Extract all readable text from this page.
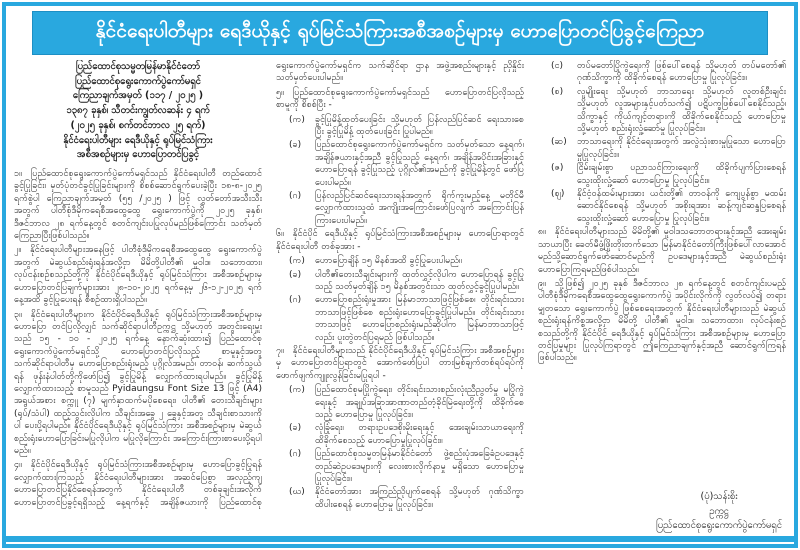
နိုင်ငံရေးပါတီများ ရေဒီယိုနှင့် ရုပ်မြင်သံကြားအစီအစဉ်များမှ ဟောပြောတင်ပြခွင့်ကြေညာ
ပြည်ထောင်စုသမ္မတမြန်မာနိုင်ငံတော်
ပြည်ထောင်စုရွေးကောက်ပွဲကော်မရှင်
ကြေညာချက်အမှတ် (၁၁၇ / ၂၀၂၅ )
၁၃၈၇ ခုနှစ်၊ သီတင်းကျွတ်လဆန်း ၄ ရက်
(၂၀၂၅ ခုနှစ်၊ စက်တင်ဘာလ ၂၅ ရက်)
နိုင်ငံရေးပါတီများ ရေဒီယိုနှင့် ရုပ်မြင်သံကြား
အစီအစဉ်များမှ ဟောပြောတင်ပြခွင့်
၁။ ပြည်ထောင်စုရွေးကောက်ပွဲကော်မရှင်သည် နိုင်ငံရေးပါတီ တည်ထောင်ခွင့်ပြုခြင်း၊ မှတ်ပုံတင်ခွင့်ပြုခြင်းများကို စိစစ်ဆောင်ရွက်ပေးခဲ့ပြီး ၁၈-၈-၂၀၂၅ ရက်စွဲပါ ကြေညာချက်အမှတ် (၅၅ /၂၀၂၅ ) ဖြင့် လွှတ်တော်အသီးသီးအတွက် ပါတီစုံဒီမိုကရေစီအထွေထွေ ရွေးကောက်ပွဲကို ၂၀၂၅ ခုနှစ်၊ ဒီဇင်ဘာလ ၂၈ ရက်နေ့တွင် စတင်ကျင်းပပြုလုပ်မည်ဖြစ်ကြောင်း သတ်မှတ်ကြေညာပြီးဖြစ်ပါသည်။
၂။ နိုင်ငံရေးပါတီများအနေဖြင့် ပါတီစုံဒီမိုကရေစီအထွေထွေ ရွေးကောက်ပွဲအတွက် မဲဆွယ်စည်းရုံးရန်အလို့ငှာ မိမိတို့ပါတီ၏ မူဝါဒ၊ သဘောထား၊ လုပ်ငန်းစဉ်စသည်တို့ကို နိုင်ငံပိုင်ရေဒီယိုနှင့် ရုပ်မြင်သံကြား အစီအစဉ်များမှ ဟောပြောတင်ပြချက်များအား ၂၈-၁၀-၂၀၂၅ ရက်နေ့မှ ၂၆-၁၂-၂၀၂၅ ရက်နေ့အထိ ခွင့်ပြုပေးရန် စီစဉ်ထားရှိပါသည်။
၃။ နိုင်ငံရေးပါတီများက နိုင်ငံပိုင်ရေဒီယိုနှင့် ရုပ်မြင်သံကြားအစီအစဉ်များမှ ဟောပြော တင်ပြလိုလျှင် သက်ဆိုင်ရာပါတီဥက္ကဋ္ဌ သို့မဟုတ် အတွင်းရေးမှူးသည် ၁၅ - ၁၀ - ၂၀၂၅ ရက်နေ့ နောက်ဆုံးထား၍ ပြည်ထောင်စုရွေးကောက်ပွဲကော်မရှင်သို့ ဟောပြောတင်ပြလိုသည့် စာမူနှင့်အတူ သက်ဆိုင်ရာပါတီမှ ဟောပြောစည်းရုံးမည့် ပုဂ္ဂိုလ်အမည်၊ တာဝန်၊ ဆက်သွယ်ရန် ဖုန်းနံပါတ်တို့ကိုဖော်ပြ၍ ခွင့်ပြုမိန့် လျှောက်ထားရပါမည်။ ခွင့်ပြုမိန့် လျှောက်ထားသည့် စာမူသည် Pyidaungsu Font Size 13 ဖြင့် (A4) အရွယ်အစား စက္ကူ (၇) မျက်နှာထက်မပိုစေရေး၊ ပါတီ၏ တေးသီချင်းများ (ရုပ်/သံပါ) ထည့်သွင်းလိုပါက သီချင်းအခွေ ၂ ခွေနှင့်အတူ သီချင်းစာသားကိုပါ ပေးပို့ရပါမည်။ နိုင်ငံပိုင်ရေဒီယိုနှင့် ရုပ်မြင်သံကြား အစီအစဉ်များမှ မဲဆွယ်စည်းရုံးဟောပြောခြင်းမပြုလိုပါက မပြုလိုကြောင်း အကြောင်းကြားစာပေးပို့ရပါမည်။
၄။ နိုင်ငံပိုင်ရေဒီယိုနှင့် ရုပ်မြင်သံကြားအစီအစဉ်များမှ ဟောပြောခွင့်ပြုရန် လျှောက်ထားကြသည့် နိုင်ငံရေးပါတီများအား အဆင်ပြေစွာ အလှည့်ကျ ဟောပြောတင်ပြနိုင်စေရန်အတွက် နိုင်ငံရေးပါတီ တစ်ခုချင်းအလိုက် ဟောပြောတင်ပြခွင့်ရရှိသည့် နေ့ရက်နှင့် အချိန်ဇယားကို ပြည်ထောင်စုရွေးကောက်ပွဲကော်မရှင်က သက်ဆိုင်ရာ ဌာန အဖွဲ့အစည်းများနှင့် ညှိနှိုင်းသတ်မှတ်ပေးပါမည်။
၅။ ပြည်ထောင်စုရွေးကောက်ပွဲကော်မရှင်သည် ဟောပြောတင်ပြလိုသည့်စာမူကို စိစစ်ပြီး -
(က)	ခွင့်ပြုမိန့်ထုတ်ပေးခြင်း သို့မဟုတ် ပြန်လည်ပြင်ဆင် ရေးသားစေပြီး ခွင့်ပြုမိန့် ထုတ်ပေးခြင်း ပြုပါမည်။
(ခ)	ပြည်ထောင်စုရွေးကောက်ပွဲကော်မရှင်က သတ်မှတ်သော နေ့ရက်၊ အချိန်ဇယားနှင့်အညီ ခွင့်ပြုသည့် နေ့ရက်၊ အချိန်အပိုင်းအခြားနှင့် ဟောပြောရန် ခွင့်ပြုသည့် ပုဂ္ဂိုလ်၏အမည်ကို ခွင့်ပြုမိန့်တွင် ဖော်ပြပေးပါမည်။
(ဂ)	ပြန်လည်ပြင်ဆင်ရေးသားရန်အတွက် ရိုက်ကူးမည့်နေ့ မတိုင်မီ လျှောက်ထားသူထံ အကျိုးအကြောင်းဖော်ပြလျက် အကြောင်းပြန်ကြားပေးပါမည်။
၆။ နိုင်ငံပိုင် ရေဒီယိုနှင့် ရုပ်မြင်သံကြားအစီအစဉ်များမှ ဟောပြောရာတွင် နိုင်ငံရေးပါတီ တစ်ခုအား -
(က)	ဟောပြောချိန် ၁၅ မိနစ်အထိ ခွင့်ပြုပေးပါမည်။
(ခ)	ပါတီ၏တေးသီချင်းများကို ထုတ်လွှင့်လိုပါက ဟောပြောရန် ခွင့်ပြုသည့် သတ်မှတ်ချိန် ၁၅ မိနစ်အတွင်းသာ ထုတ်လွှင့်ခွင့်ပြုပါမည်။
(ဂ)	ဟောပြောစည်းရုံးမှုအား မြန်မာဘာသာဖြင့်ဖြစ်စေ၊ တိုင်းရင်းသားဘာသာဖြင့်ဖြစ်စေ စည်းရုံးဟောပြောခွင့်ပြုပါမည်။ တိုင်းရင်းသားဘာသာဖြင့် ဟောပြောစည်းရုံးမည်ဆိုပါက မြန်မာဘာသာဖြင့်လည်း ပူးတွဲတင်ပြရမည် ဖြစ်ပါသည်။
၇။ နိုင်ငံရေးပါတီများသည် နိုင်ငံပိုင်ရေဒီယိုနှင့် ရုပ်မြင်သံကြား အစီအစဉ်များမှ ဟောပြောတင်ပြရာတွင် အောက်ဖော်ပြပါ တားမြစ်ချက်တစ်ရပ်ရပ်ကို ဖောက်ဖျက်ကျူးလွန်ခြင်းမပြုရပါ -
(က)	ပြည်ထောင်စုမပြိုကွဲရေး၊ တိုင်းရင်းသားစည်းလုံးညီညွတ်မှု မပြိုကွဲရေးနှင့် အချုပ်အခြာအာဏာတည်တံ့ခိုင်မြဲရေးတို့ကို ထိခိုက်စေသည့် ဟောပြောမှု ပြုလုပ်ခြင်း။
(ခ)	လုံခြုံရေး၊ တရားဥပဒေစိုးမိုးရေးနှင့် အေးချမ်းသာယာရေးကို ထိခိုက်စေသည့် ဟောပြောမှုပြုလုပ်ခြင်း။
(ဂ)	ပြည်ထောင်စုသမ္မတမြန်မာနိုင်ငံတော် ဖွဲ့စည်းပုံအခြေခံဥပဒေနှင့် တည်ဆဲဥပဒေများကို လေးစားလိုက်နာမှု မရှိသော ဟောပြောမှုပြုလုပ်ခြင်း။
(ဃ)	နိုင်ငံတော်အား အကြည်ညိုပျက်စေရန် သို့မဟုတ် ဂုဏ်သိက္ခာထိပါးစေရန် ဟောပြောမှု ပြုလုပ်ခြင်း။
(င)	တပ်မတော်ပြိုကွဲရေးကို ဖြစ်ပေါ်စေရန် သို့မဟုတ် တပ်မတော်၏ ဂုဏ်သိက္ခာကို ထိခိုက်စေရန် ဟောပြောမှု ပြုလုပ်ခြင်း။
(စ)	လူမျိုးရေး သို့မဟုတ် ဘာသာရေး သို့မဟုတ် လူတစ်ဦးချင်း သို့မဟုတ် လူအများနှင့်ပတ်သက်၍ ပဋိပက္ခဖြစ်ပေါ်စေနိုင်သည့်၊ သိက္ခာနှင့် ကိုယ်ကျင့်တရားကို ထိခိုက်စေနိုင်သည့် ဟောပြောမှု သို့မဟုတ် စည်းရုံးလှုံ့ဆော်မှု ပြုလုပ်ခြင်း။
(ဆ)	ဘာသာရေးကို နိုင်ငံရေးအတွက် အလွဲသုံးစားမှုပြုသော ဟောပြောမှုပြုလုပ်ခြင်း။
(ဇ)	ငြိမ်းချမ်းစွာ ပညာသင်ကြားရေးကို ထိခိုက်ပျက်ပြားစေရန် သွေးထိုးလှုံ့ဆော် ဟောပြောမှု ပြုလုပ်ခြင်း။
(ဈ)	နိုင်ငံ့ဝန်ထမ်းများအား ယင်းတို့၏ တာဝန်ကို ကျေပွန်စွာ မထမ်းဆောင်နိုင်စေရန် သို့မဟုတ် အစိုးရအား ဆန့်ကျင်ဆန္ဒပြစေရန် သွေးထိုးလှုံ့ဆော် ဟောပြောမှု ပြုလုပ်ခြင်း။
၈။ နိုင်ငံရေးပါတီများသည် မိမိတို့၏ မူဝါဒသဘောတရားနှင့်အညီ အေးချမ်းသာယာပြီး ခေတ်မီဖွံ့ဖြိုးတိုးတက်သော မြန်မာနိုင်ငံတော်ကြီးဖြစ်ပေါ်လာအောင် မည်သို့ဆောင်ရွက်ဖော်ဆောင်မည်ကို ဥပဒေများနှင့်အညီ မဲဆွယ်စည်းရုံး ဟောပြောကြရမည်ဖြစ်ပါသည်။
၉။ သို့ဖြစ်၍ ၂၀၂၅ ခုနှစ် ဒီဇင်ဘာလ ၂၈ ရက်နေ့တွင် စတင်ကျင်းပမည့် ပါတီစုံဒီမိုကရေစီအထွေထွေရွေးကောက်ပွဲ အပိုင်းလိုက်ကို လွတ်လပ်၍ တရားမျှတသော ရွေးကောက်ပွဲ ဖြစ်စေရေးအတွက် နိုင်ငံရေးပါတီများသည် မဲဆွယ်စည်းရုံးရန်ကိစ္စအလို့ငှာ မိမိတို့ ပါတီ၏ မူဝါဒ၊ သဘောထား၊ လုပ်ငန်းစဉ် စသည်တို့ကို နိုင်ငံပိုင် ရေဒီယိုနှင့် ရုပ်မြင်သံကြား အစီအစဉ်များမှ ဟောပြောတင်ပြမှုများ ပြုလုပ်ကြရာတွင် ဤကြေညာချက်နှင့်အညီ ဆောင်ရွက်ကြရန် ဖြစ်ပါသည်။
(ပုံ)သန်းစိုး
ဥက္ကဋ္ဌ
ပြည်ထောင်စုရွေးကောက်ပွဲကော်မရှင်
